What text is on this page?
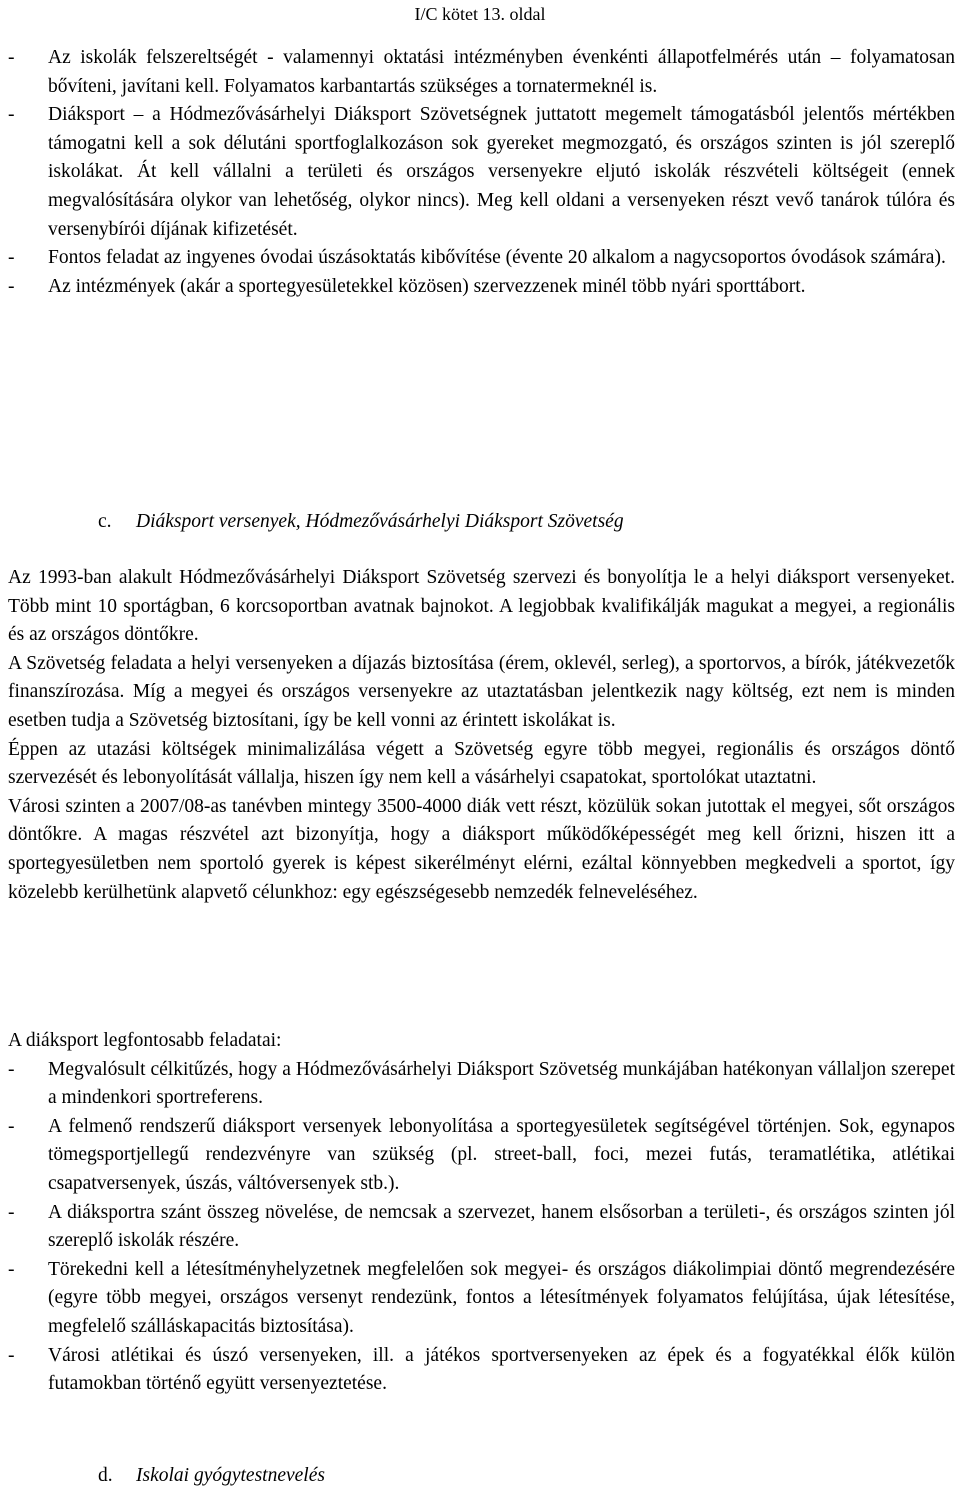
I/C kötet 13. oldal
- Az iskolák felszereltségét - valamennyi oktatási intézményben évenkénti állapotfelmérés után – folyamatosan bővíteni, javítani kell. Folyamatos karbantartás szükséges a tornatermeknél is.
- Diáksport – a Hódmezővásárhelyi Diáksport Szövetségnek juttatott megemelt támogatásból jelentős mértékben támogatni kell a sok délutáni sportfoglalkozáson sok gyereket megmozgató, és országos szinten is jól szereplő iskolákat. Át kell vállalni a területi és országos versenyekre eljutó iskolák részvételi költségeit (ennek megvalósítására olykor van lehetőség, olykor nincs). Meg kell oldani a versenyeken részt vevő tanárok túlóra és versenybírói díjának kifizetését.
- Fontos feladat az ingyenes óvodai úszásoktatás kibővítése (évente 20 alkalom a nagycsoportos óvodások számára).
- Az intézmények (akár a sportegyesületekkel közösen) szervezzenek minél több nyári sporttábort.
c. Diáksport versenyek, Hódmezővásárhelyi Diáksport Szövetség
Az 1993-ban alakult Hódmezővásárhelyi Diáksport Szövetség szervezi és bonyolítja le a helyi diáksport versenyeket. Több mint 10 sportágban, 6 korcsoportban avatnak bajnokot. A legjobbak kvalifikálják magukat a megyei, a regionális és az országos döntőkre.
A Szövetség feladata a helyi versenyeken a díjazás biztosítása (érem, oklevél, serleg), a sportorvos, a bírók, játékvezetők finanszírozása. Míg a megyei és országos versenyekre az utaztatásban jelentkezik nagy költség, ezt nem is minden esetben tudja a Szövetség biztosítani, így be kell vonni az érintett iskolákat is.
Éppen az utazási költségek minimalizálása végett a Szövetség egyre több megyei, regionális és országos döntő szervezését és lebonyolítását vállalja, hiszen így nem kell a vásárhelyi csapatokat, sportolókat utaztatni.
Városi szinten a 2007/08-as tanévben mintegy 3500-4000 diák vett részt, közülük sokan jutottak el megyei, sőt országos döntőkre. A magas részvétel azt bizonyítja, hogy a diáksport működőképességét meg kell őrizni, hiszen itt a sportegyesületben nem sportoló gyerek is képest sikerélményt elérni, ezáltal könnyebben megkedveli a sportot, így közelebb kerülhetünk alapvető célunkhoz: egy egészségesebb nemzedék felneveléséhez.
A diáksport legfontosabb feladatai:
- Megvalósult célkitűzés, hogy a Hódmezővásárhelyi Diáksport Szövetség munkájában hatékonyan vállaljon szerepet a mindenkori sportreferens.
- A felmenő rendszerű diáksport versenyek lebonyolítása a sportegyesületek segítségével történjen. Sok, egynapos tömegsportjellegű rendezvényre van szükség (pl. street-ball, foci, mezei futás, teramatlétika, atlétikai csapatversenyek, úszás, váltóversenyek stb.).
- A diáksportra szánt összeg növelése, de nemcsak a szervezet, hanem elsősorban a területi-, és országos szinten jól szereplő iskolák részére.
- Törekedni kell a létesítményhelyzetnek megfelelően sok megyei- és országos diákolimpiai döntő megrendezésére (egyre több megyei, országos versenyt rendezünk, fontos a létesítmények folyamatos felújítása, újak létesítése, megfelelő szálláskapacitás biztosítása).
- Városi atlétikai és úszó versenyeken, ill. a játékos sportversenyeken az épek és a fogyatékkal élők külön futamokban történő együtt versenyeztetése.
d. Iskolai gyógytestnevelés
